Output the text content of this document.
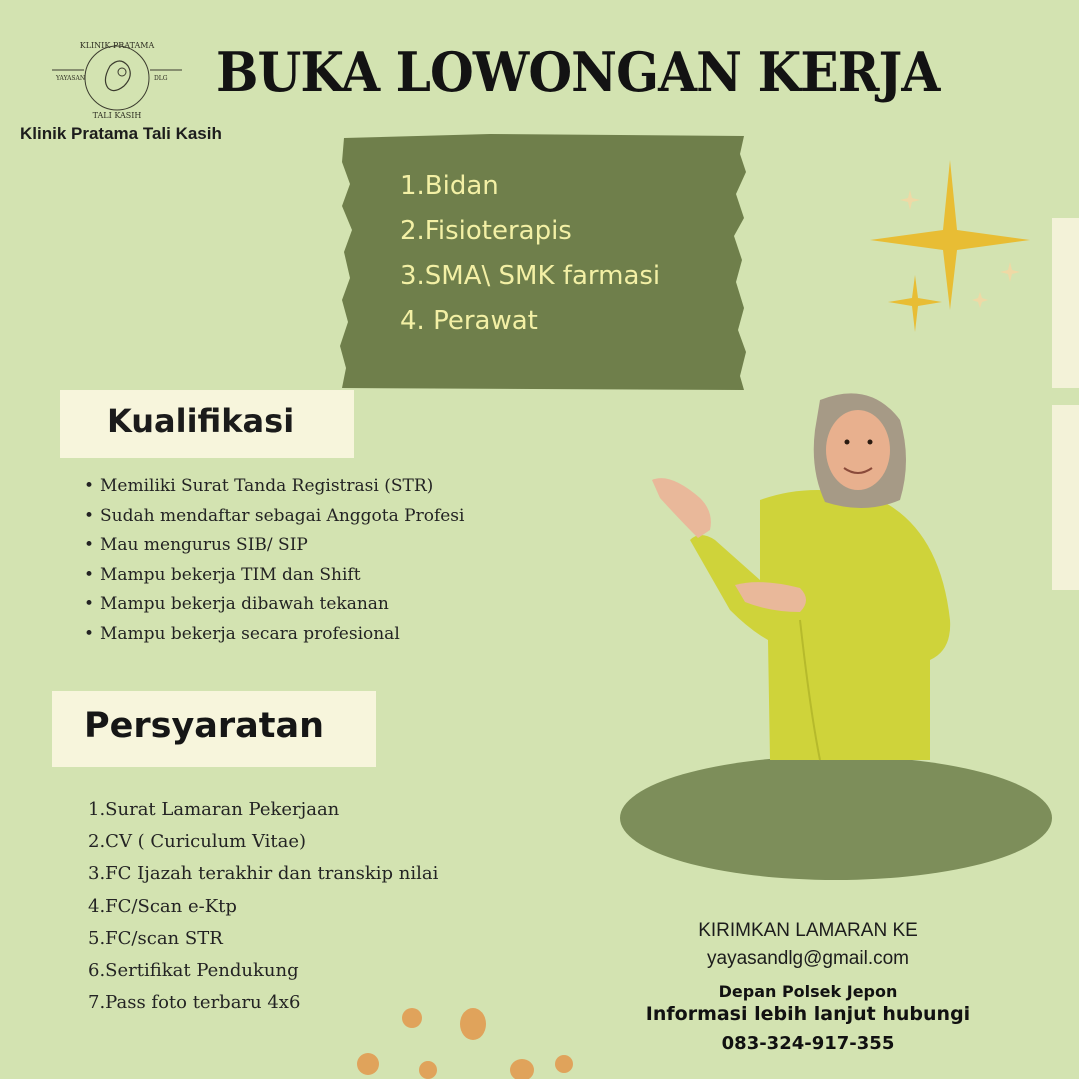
KLINIK PRATAMA
YAYASAN	DLG
TALI KASIH
Klinik Pratama Tali Kasih
BUKA LOWONGAN KERJA
1.Bidan
2.Fisioterapis
3.SMA\ SMK farmasi
4. Perawat
Kualifikasi
• Memiliki Surat Tanda Registrasi (STR)
• Sudah mendaftar sebagai Anggota Profesi
• Mau mengurus SIB/ SIP
• Mampu bekerja TIM dan Shift
• Mampu bekerja dibawah tekanan
• Mampu bekerja secara profesional
Persyaratan
1.Surat Lamaran Pekerjaan
2.CV ( Curiculum Vitae)
3.FC Ijazah terakhir dan transkip nilai
4.FC/Scan e-Ktp
5.FC/scan STR
6.Sertifikat Pendukung
7.Pass foto terbaru 4x6
KIRIMKAN LAMARAN KE
yayasandlg@gmail.com
Depan Polsek Jepon
Informasi lebih lanjut hubungi
083-324-917-355
